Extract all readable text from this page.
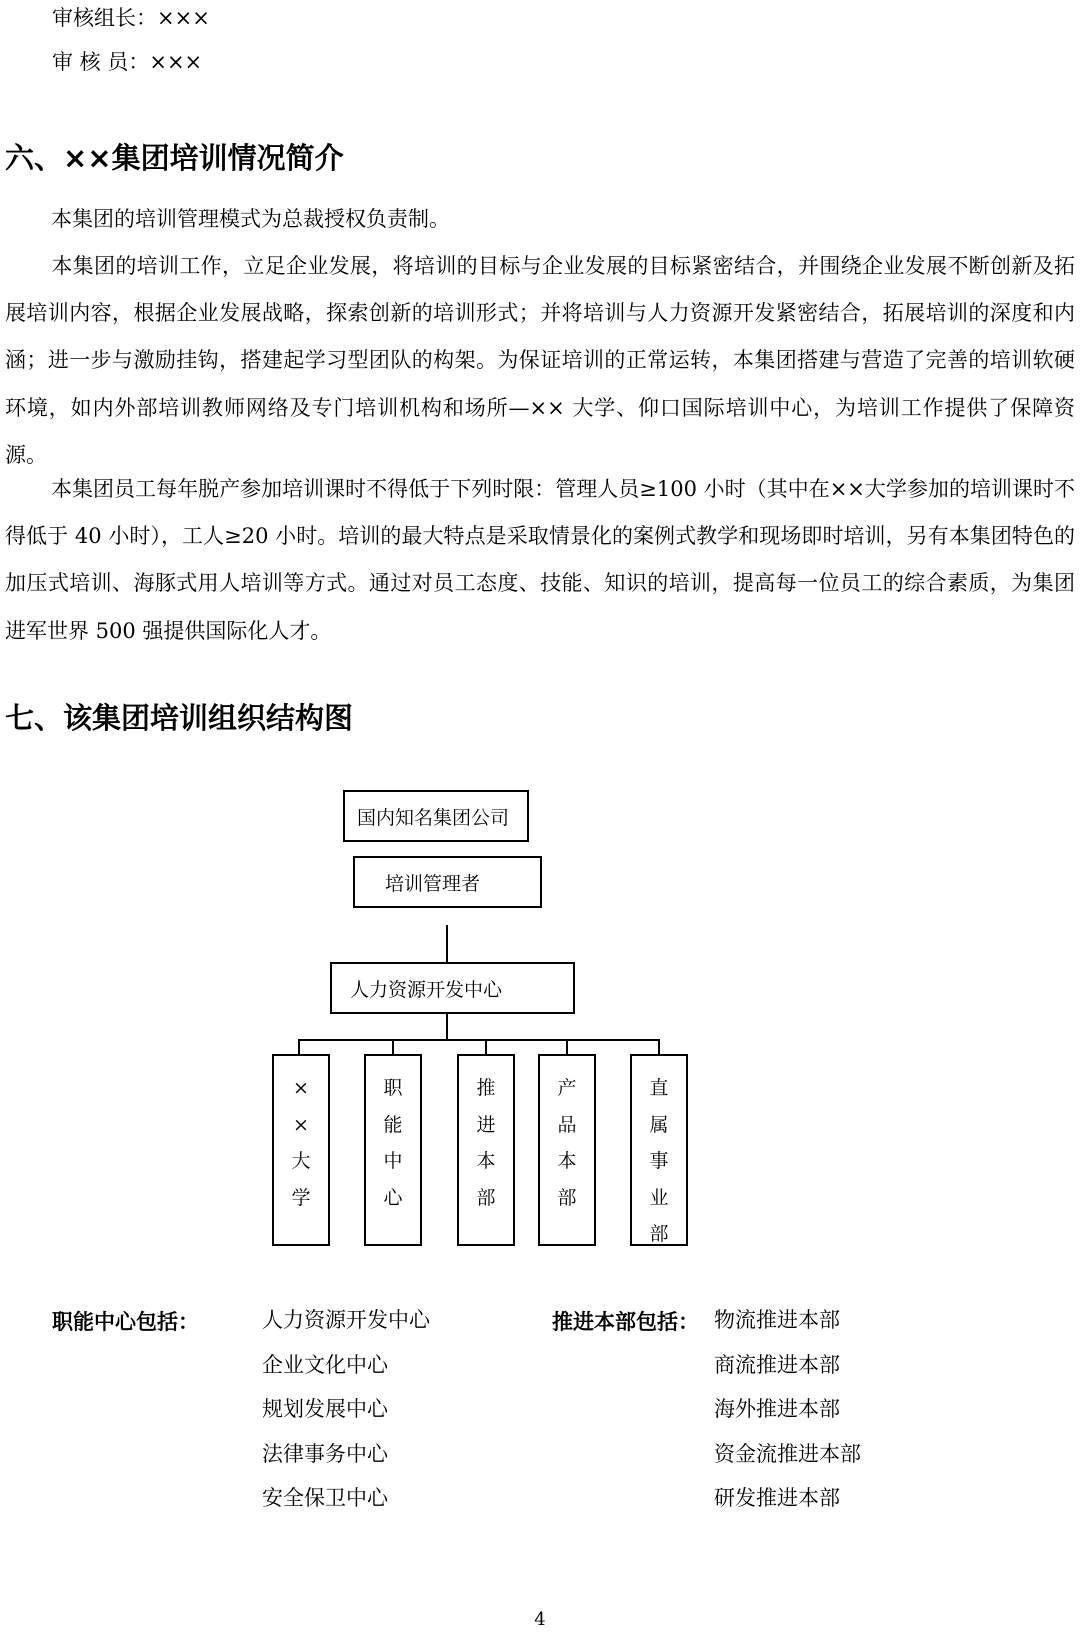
审核组长：×××
审 核 员：×××
六、××集团培训情况简介
本集团的培训管理模式为总裁授权负责制。
本集团的培训工作，立足企业发展，将培训的目标与企业发展的目标紧密结合，并围绕企业发展不断创新及拓展培训内容，根据企业发展战略，探索创新的培训形式；并将培训与人力资源开发紧密结合，拓展培训的深度和内涵；进一步与激励挂钩，搭建起学习型团队的构架。为保证培训的正常运转，本集团搭建与营造了完善的培训软硬环境，如内外部培训教师网络及专门培训机构和场所—×× 大学、仰口国际培训中心，为培训工作提供了保障资源。
本集团员工每年脱产参加培训课时不得低于下列时限：管理人员≥100 小时（其中在××大学参加的培训课时不得低于 40 小时），工人≥20 小时。培训的最大特点是采取情景化的案例式教学和现场即时培训，另有本集团特色的加压式培训、海豚式用人培训等方式。通过对员工态度、技能、知识的培训，提高每一位员工的综合素质，为集团进军世界 500 强提供国际化人才。
七、该集团培训组织结构图
国内知名集团公司
培训管理者
人力资源开发中心
×
×
大
学
职
能
中
心
推
进
本
部
产
品
本
部
直
属
事
业
部
职能中心包括：	人力资源开发中心
企业文化中心
规划发展中心
法律事务中心
安全保卫中心
推进本部包括： 物流推进本部
商流推进本部
海外推进本部
资金流推进本部
研发推进本部
4
